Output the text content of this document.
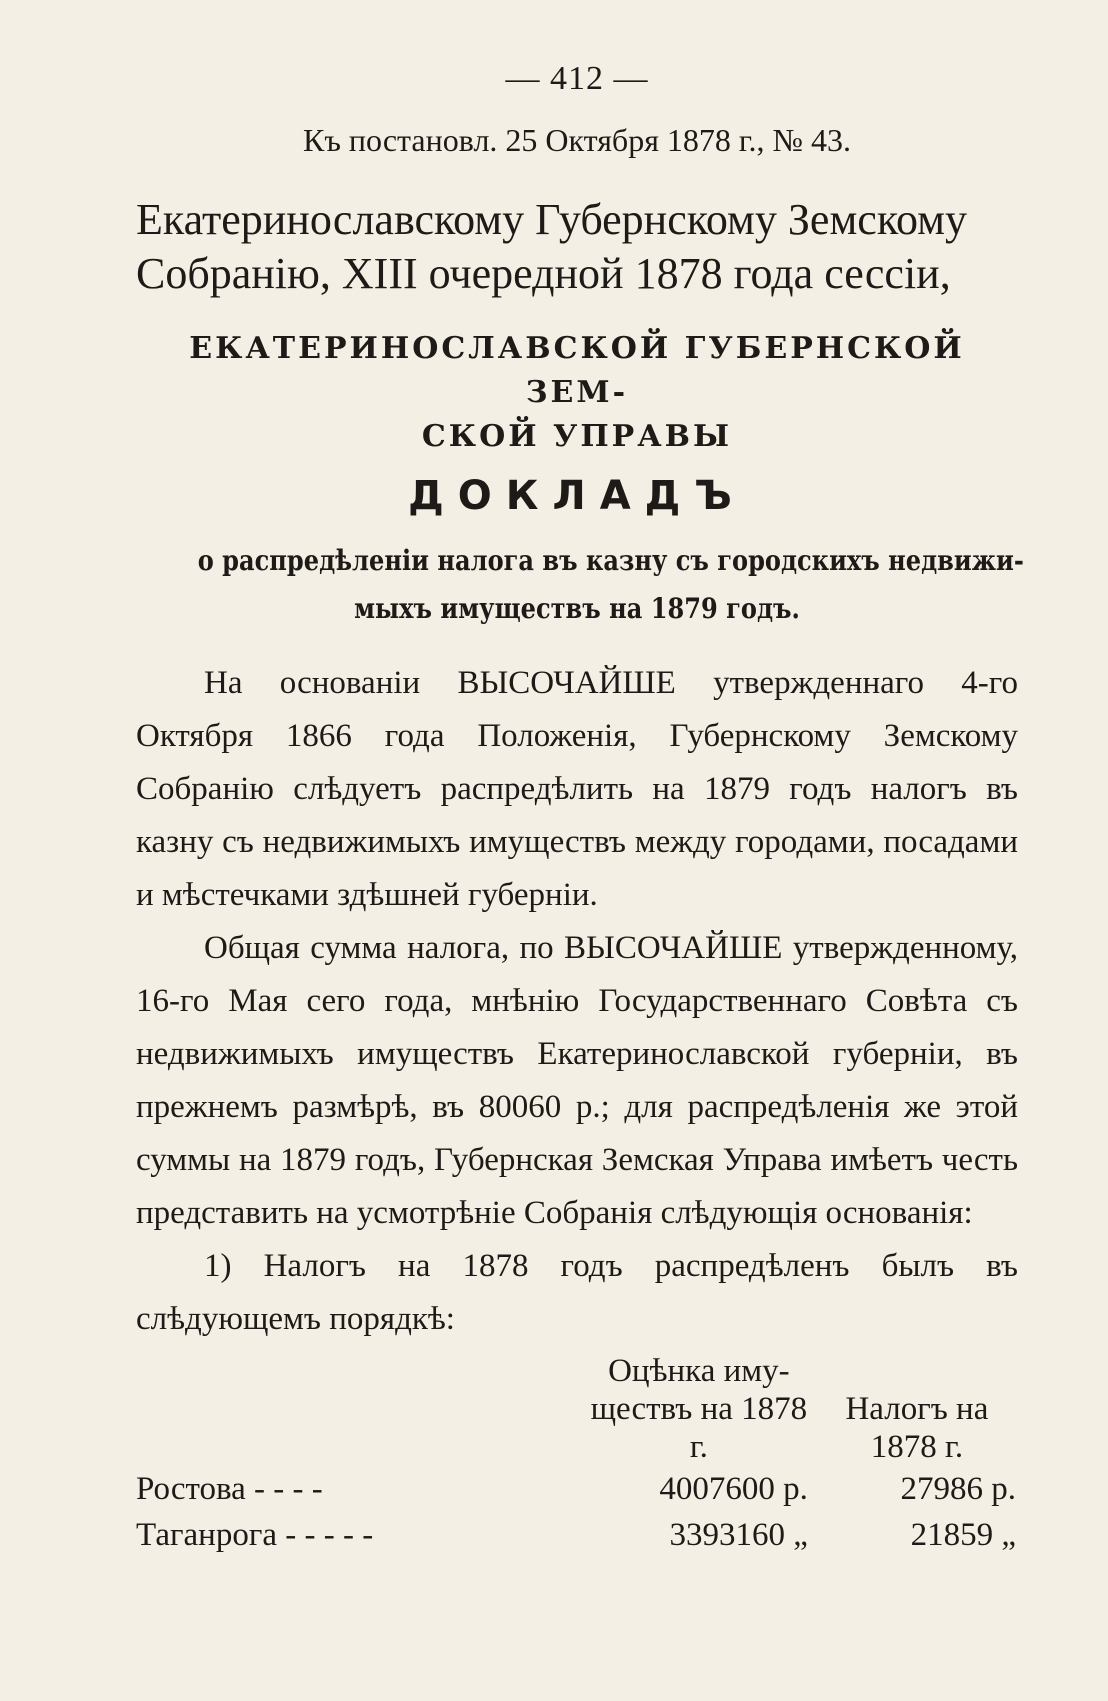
— 412 —
Къ постановл. 25 Октября 1878 г., № 43.
Екатеринославскому Губернскому Земскому
Собранію, XIII очередной 1878 года сессіи,
ЕКАТЕРИНОСЛАВСКОЙ ГУБЕРНСКОЙ ЗЕМ-
СКОЙ УПРАВЫ
ДОКЛАДЪ
о распредѣленіи налога въ казну съ городскихъ недвижи-
мыхъ имуществъ на 1879 годъ.

На основаніи ВЫСОЧАЙШЕ утвержденнаго 4-го Октября 1866 года Положенія, Губернскому Земскому Собранію слѣдуетъ распредѣлить на 1879 годъ налогъ въ казну съ недвижимыхъ имуществъ между городами, посадами и мѣстечками здѣшней губерніи.

Общая сумма налога, по ВЫСОЧАЙШЕ утвержденному, 16-го Мая сего года, мнѣнію Государственнаго Совѣта съ недвижимыхъ имуществъ Екатеринославской губерніи, въ прежнемъ размѣрѣ, въ 80060 р.; для распредѣленія же этой суммы на 1879 годъ, Губернская Земская Управа имѣетъ честь представить на усмотрѣніе Собранія слѣдующія основанія:

1) Налогъ на 1878 годъ распредѣленъ былъ въ слѣдующемъ порядкѣ:

	Оцѣнка иму-ществъ на 1878 г.	Налогъ на 1878 г.
Ростова - - - -	4007600 р.	27986 р.
Таганрога - - - - -	3393160 „	21859 „
